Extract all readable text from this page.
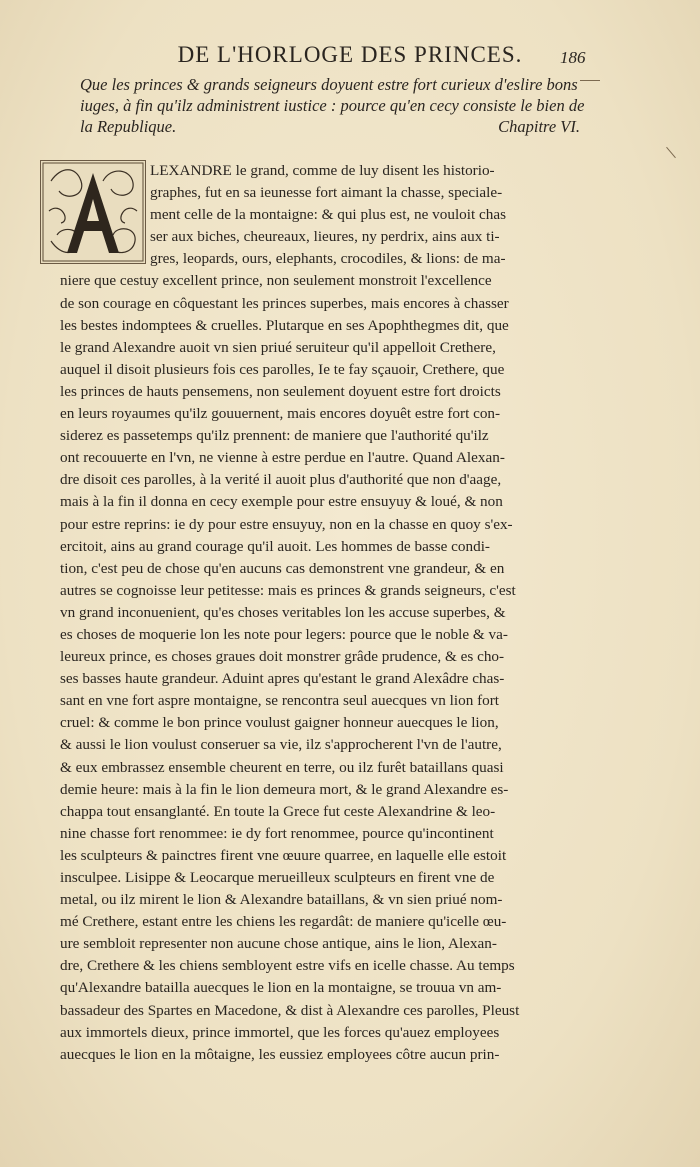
DE L'HORLOGE DES PRINCES.	186
Que les princes & grands seigneurs doyuent estre fort curieux d'eslire bons
iuges, à fin qu'ilz administrent iustice : pource qu'en cecy consiste le bien de
la Republique.	Chapitre VI.
LEXANDRE le grand, comme de luy disent les historio-
graphes, fut en sa ieunesse fort aimant la chasse, speciale-
ment celle de la montaigne: & qui plus est, ne vouloit chas
ser aux biches, cheureaux, lieures, ny perdrix, ains aux ti-
gres, leopards, ours, elephants, crocodiles, & lions: de ma-
niere que cestuy excellent prince, non seulement monstroit l'excellence
de son courage en côquestant les princes superbes, mais encores à chasser
les bestes indomptees & cruelles. Plutarque en ses Apophthegmes dit, que
le grand Alexandre auoit vn sien priué seruiteur qu'il appelloit Crethere,
auquel il disoit plusieurs fois ces parolles, Ie te fay sçauoir, Crethere, que
les princes de hauts pensemens, non seulement doyuent estre fort droicts
en leurs royaumes qu'ilz gouuernent, mais encores doyuêt estre fort con-
siderez es passetemps qu'ilz prennent: de maniere que l'authorité qu'ilz
ont recouuerte en l'vn, ne vienne à estre perdue en l'autre. Quand Alexan-
dre disoit ces parolles, à la verité il auoit plus d'authorité que non d'aage,
mais à la fin il donna en cecy exemple pour estre ensuyuy & loué, & non
pour estre reprins: ie dy pour estre ensuyuy, non en la chasse en quoy s'ex-
ercitoit, ains au grand courage qu'il auoit. Les hommes de basse condi-
tion, c'est peu de chose qu'en aucuns cas demonstrent vne grandeur, & en
autres se cognoisse leur petitesse: mais es princes & grands seigneurs, c'est
vn grand inconuenient, qu'es choses veritables lon les accuse superbes, &
es choses de moquerie lon les note pour legers: pource que le noble & va-
leureux prince, es choses graues doit monstrer grâde prudence, & es cho-
ses basses haute grandeur. Aduint apres qu'estant le grand Alexâdre chas-
sant en vne fort aspre montaigne, se rencontra seul auecques vn lion fort
cruel: & comme le bon prince voulust gaigner honneur auecques le lion,
& aussi le lion voulust conseruer sa vie, ilz s'approcherent l'vn de l'autre,
& eux embrassez ensemble cheurent en terre, ou ilz furêt bataillans quasi
demie heure: mais à la fin le lion demeura mort, & le grand Alexandre es-
chappa tout ensanglanté. En toute la Grece fut ceste Alexandrine & leo-
nine chasse fort renommee: ie dy fort renommee, pource qu'incontinent
les sculpteurs & painctres firent vne œuure quarree, en laquelle elle estoit
insculpee. Lisippe & Leocarque merueilleux sculpteurs en firent vne de
metal, ou ilz mirent le lion & Alexandre bataillans, & vn sien priué nom-
mé Crethere, estant entre les chiens les regardât: de maniere qu'icelle œu-
ure sembloit representer non aucune chose antique, ains le lion, Alexan-
dre, Crethere & les chiens sembloyent estre vifs en icelle chasse. Au temps
qu'Alexandre bataillа auecques le lion en la montaigne, se trouua vn am-
bassadeur des Spartes en Macedone, & dist à Alexandre ces parolles, Pleust
aux immortels dieux, prince immortel, que les forces qu'auez employees
auecques le lion en la môtaigne, les eussiez employees côtre aucun prin-
